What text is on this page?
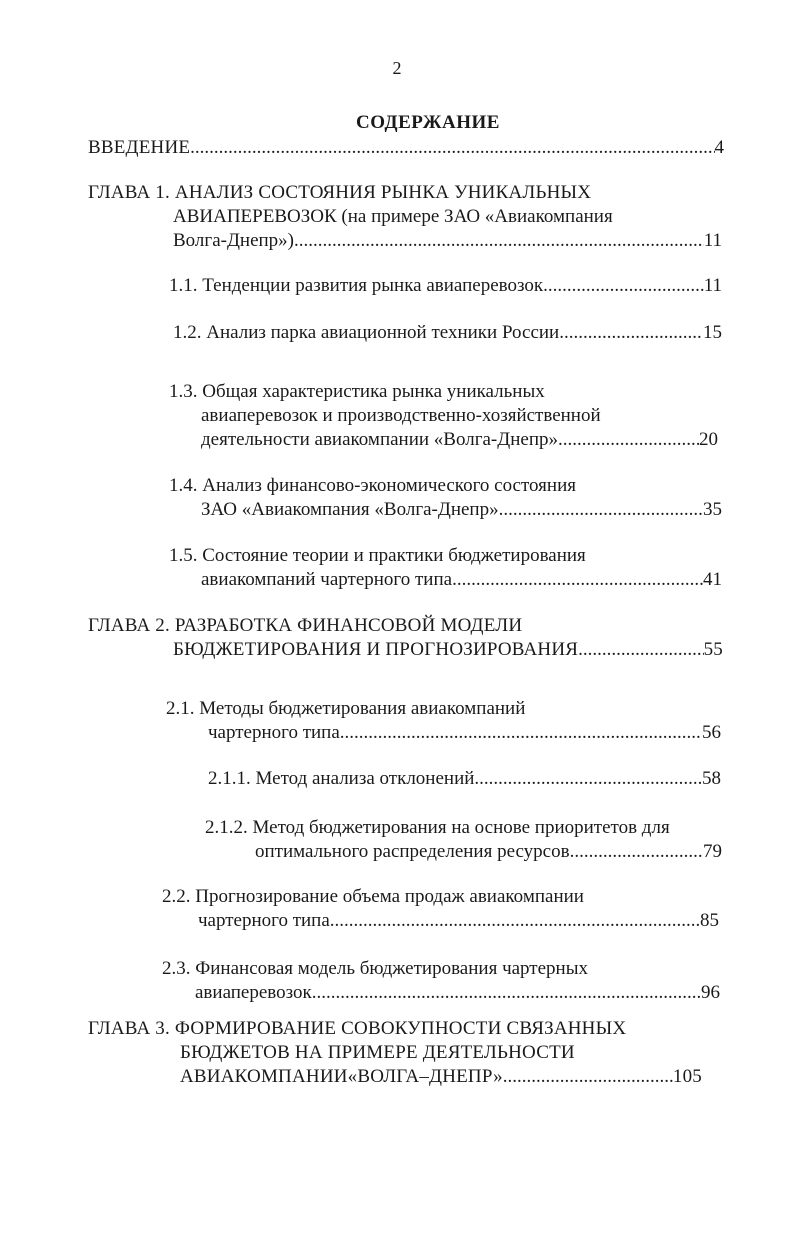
2
СОДЕРЖАНИЕ
ВВЕДЕНИЕ .....	4
ГЛАВА 1. АНАЛИЗ СОСТОЯНИЯ РЫНКА УНИКАЛЬНЫХ
АВИАПЕРЕВОЗОК (на примере ЗАО «Авиакомпания
Волга-Днепр») .....	11
1.1. Тенденции развития рынка авиаперевозок .....	11
1.2. Анализ парка авиационной техники России .....	15
1.3. Общая характеристика рынка уникальных
авиаперевозок и производственно-хозяйственной
деятельности авиакомпании «Волга-Днепр» .....	20
1.4. Анализ финансово-экономического состояния
ЗАО «Авиакомпания «Волга-Днепр» .....	35
1.5. Состояние теории и практики бюджетирования
авиакомпаний чартерного типа .....	41
ГЛАВА 2. РАЗРАБОТКА ФИНАНСОВОЙ МОДЕЛИ
БЮДЖЕТИРОВАНИЯ И ПРОГНОЗИРОВАНИЯ .....	55
2.1. Методы бюджетирования авиакомпаний
чартерного типа .....	56
2.1.1. Метод анализа отклонений .....	58
2.1.2. Метод бюджетирования на основе приоритетов для
оптимального распределения ресурсов .....	79
2.2. Прогнозирование объема продаж авиакомпании
чартерного типа .....	85
2.3. Финансовая модель бюджетирования чартерных
авиаперевозок .....	96
ГЛАВА 3. ФОРМИРОВАНИЕ СОВОКУПНОСТИ СВЯЗАННЫХ
БЮДЖЕТОВ НА ПРИМЕРЕ ДЕЯТЕЛЬНОСТИ
АВИАКОМПАНИИ«ВОЛГА–ДНЕПР» .....	105
